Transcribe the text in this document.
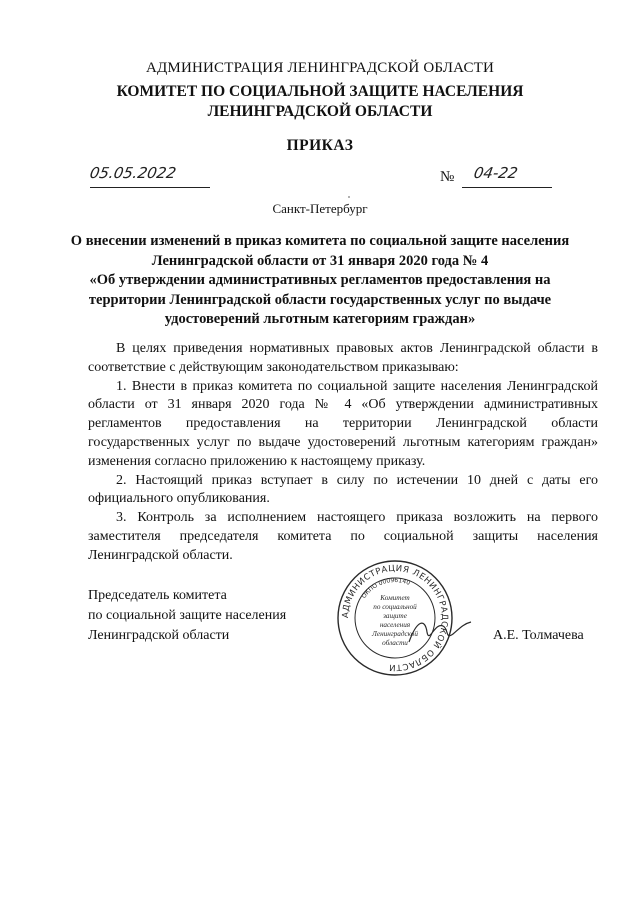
АДМИНИСТРАЦИЯ ЛЕНИНГРАДСКОЙ ОБЛАСТИ
КОМИТЕТ ПО СОЦИАЛЬНОЙ ЗАЩИТЕ НАСЕЛЕНИЯ
ЛЕНИНГРАДСКОЙ ОБЛАСТИ
ПРИКАЗ
05.05.2022	№ 04-22
Санкт-Петербург
О внесении изменений в приказ комитета по социальной защите населения
Ленинградской области от 31 января 2020 года № 4
«Об утверждении административных регламентов предоставления на
территории Ленинградской области государственных услуг по выдаче
удостоверений льготным категориям граждан»

В целях приведения нормативных правовых актов Ленинградской области в соответствие с действующим законодательством приказываю:

1. Внести в приказ комитета по социальной защите населения Ленинградской области от 31 января 2020 года № 4 «Об утверждении административных регламентов предоставления на территории Ленинградской области государственных услуг по выдаче удостоверений льготным категориям граждан» изменения согласно приложению к настоящему приказу.

2. Настоящий приказ вступает в силу по истечении 10 дней с даты его официального опубликования.

3. Контроль за исполнением настоящего приказа возложить на первого заместителя председателя комитета по социальной защиты населения Ленинградской области.

Председатель комитета
по социальной защите населения
Ленинградской области
АДМИНИСТРАЦИЯ ЛЕНИНГРАДСКОЙ ОБЛАСТИ
ОКПО 00096140
Комитет
по социальной
защите
населения
Ленинградской
области	А.Е. Толмачева
